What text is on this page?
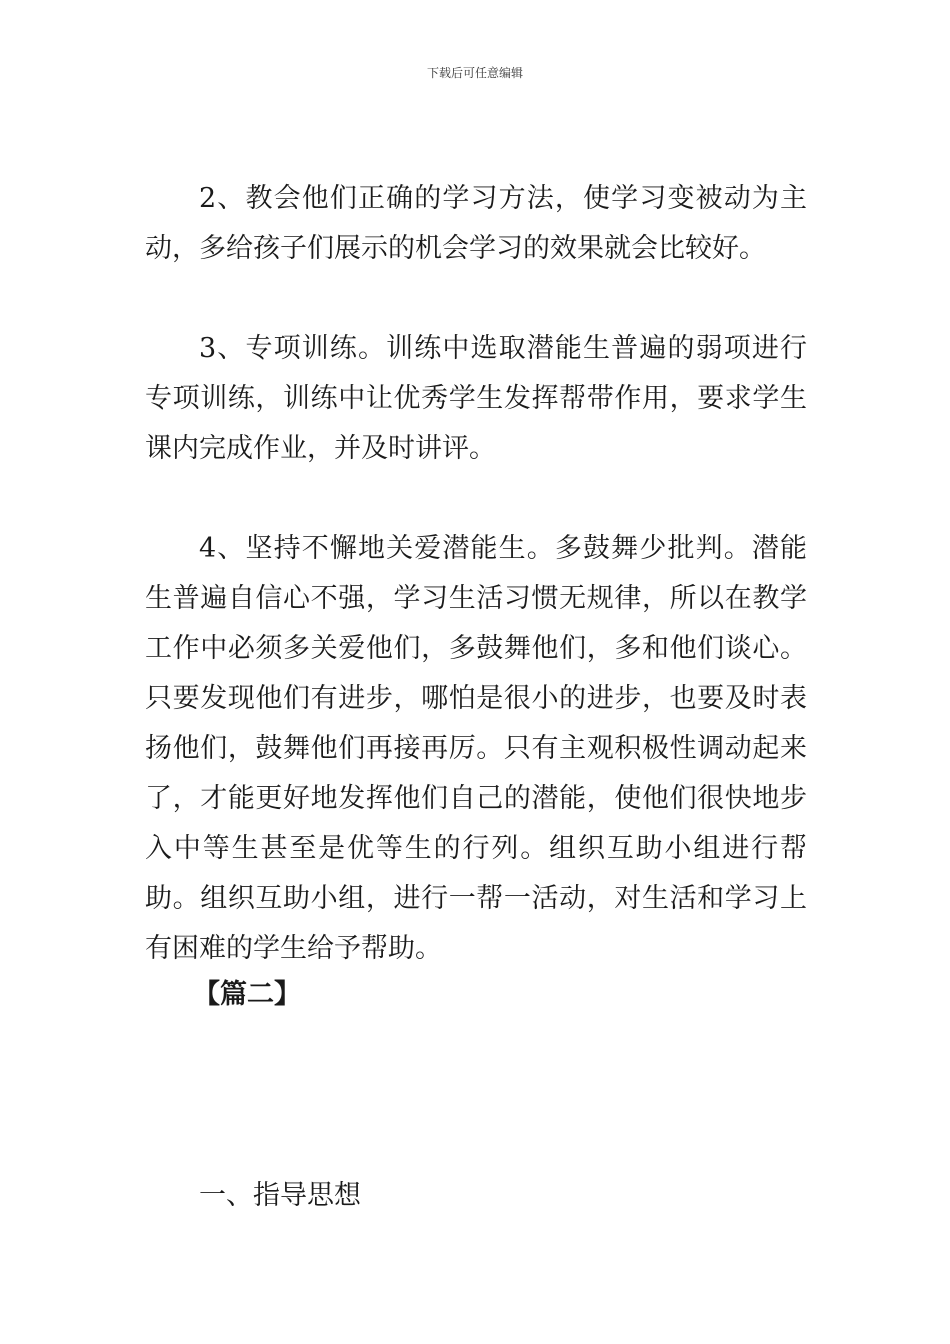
下载后可任意编辑

2、教会他们正确的学习方法，使学习变被动为主动，多给孩子们展示的机会学习的效果就会比较好。

3、专项训练。训练中选取潜能生普遍的弱项进行专项训练，训练中让优秀学生发挥帮带作用，要求学生课内完成作业，并及时讲评。

4、坚持不懈地关爱潜能生。多鼓舞少批判。潜能生普遍自信心不强，学习生活习惯无规律，所以在教学工作中必须多关爱他们，多鼓舞他们，多和他们谈心。只要发现他们有进步，哪怕是很小的进步，也要及时表扬他们，鼓舞他们再接再厉。只有主观积极性调动起来了，才能更好地发挥他们自己的潜能，使他们很快地步入中等生甚至是优等生的行列。组织互助小组进行帮助。组织互助小组，进行一帮一活动，对生活和学习上有困难的学生给予帮助。

【篇二】
一、指导思想
